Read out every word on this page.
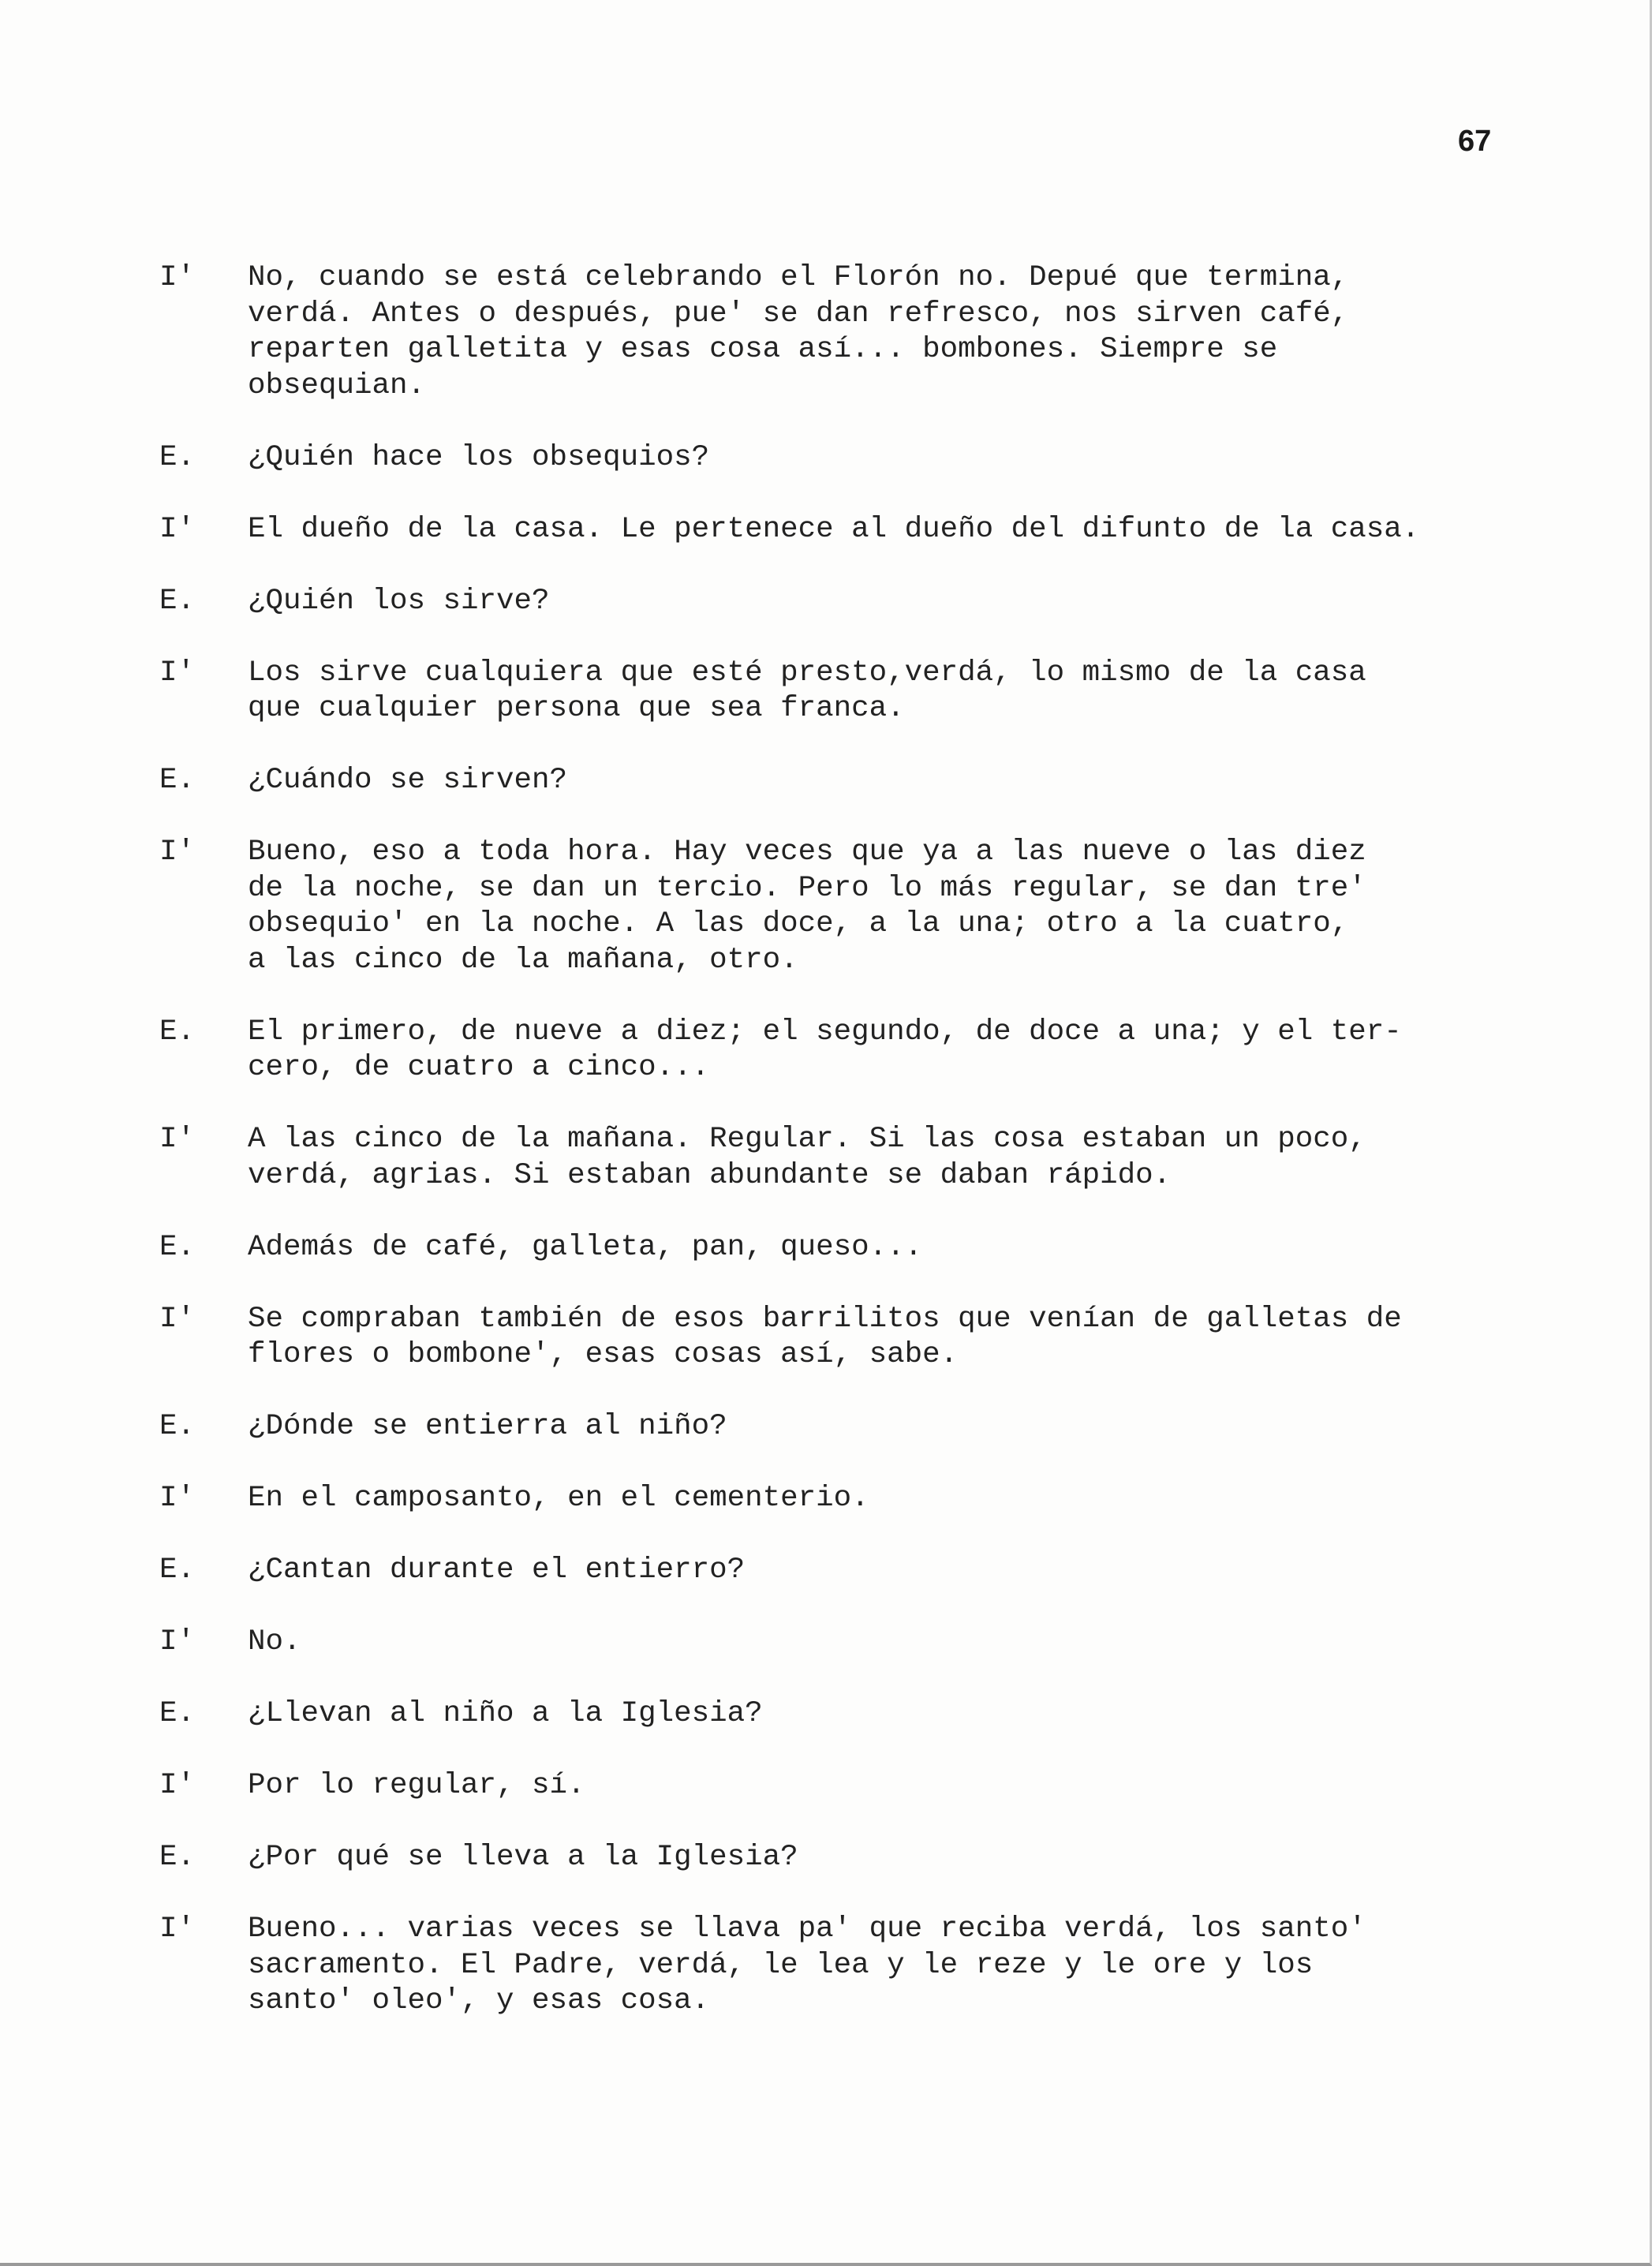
67
I'	No, cuando se está celebrando el Florón no. Depué que termina,
verdá. Antes o después, pue' se dan refresco, nos sirven café,
reparten galletita y esas cosa así... bombones. Siempre se
obsequian.
E.	¿Quién hace los obsequios?
I'	El dueño de la casa. Le pertenece al dueño del difunto de la casa.
E.	¿Quién los sirve?
I'	Los sirve cualquiera que esté presto,verdá, lo mismo de la casa
que cualquier persona que sea franca.
E.	¿Cuándo se sirven?
I'	Bueno, eso a toda hora. Hay veces que ya a las nueve o las diez
de la noche, se dan un tercio. Pero lo más regular, se dan tre'
obsequio' en la noche. A las doce, a la una; otro a la cuatro,
a las cinco de la mañana, otro.
E.	El primero, de nueve a diez; el segundo, de doce a una; y el ter-
cero, de cuatro a cinco...
I'	A las cinco de la mañana. Regular. Si las cosa estaban un poco,
verdá, agrias. Si estaban abundante se daban rápido.
E.	Además de café, galleta, pan, queso...
I'	Se compraban también de esos barrilitos que venían de galletas de
flores o bombone', esas cosas así, sabe.
E.	¿Dónde se entierra al niño?
I'	En el camposanto, en el cementerio.
E.	¿Cantan durante el entierro?
I'	No.
E.	¿Llevan al niño a la Iglesia?
I'	Por lo regular, sí.
E.	¿Por qué se lleva a la Iglesia?
I'	Bueno... varias veces se llava pa' que reciba verdá, los santo'
sacramento. El Padre, verdá, le lea y le reze y le ore y los
santo' oleo', y esas cosa.
